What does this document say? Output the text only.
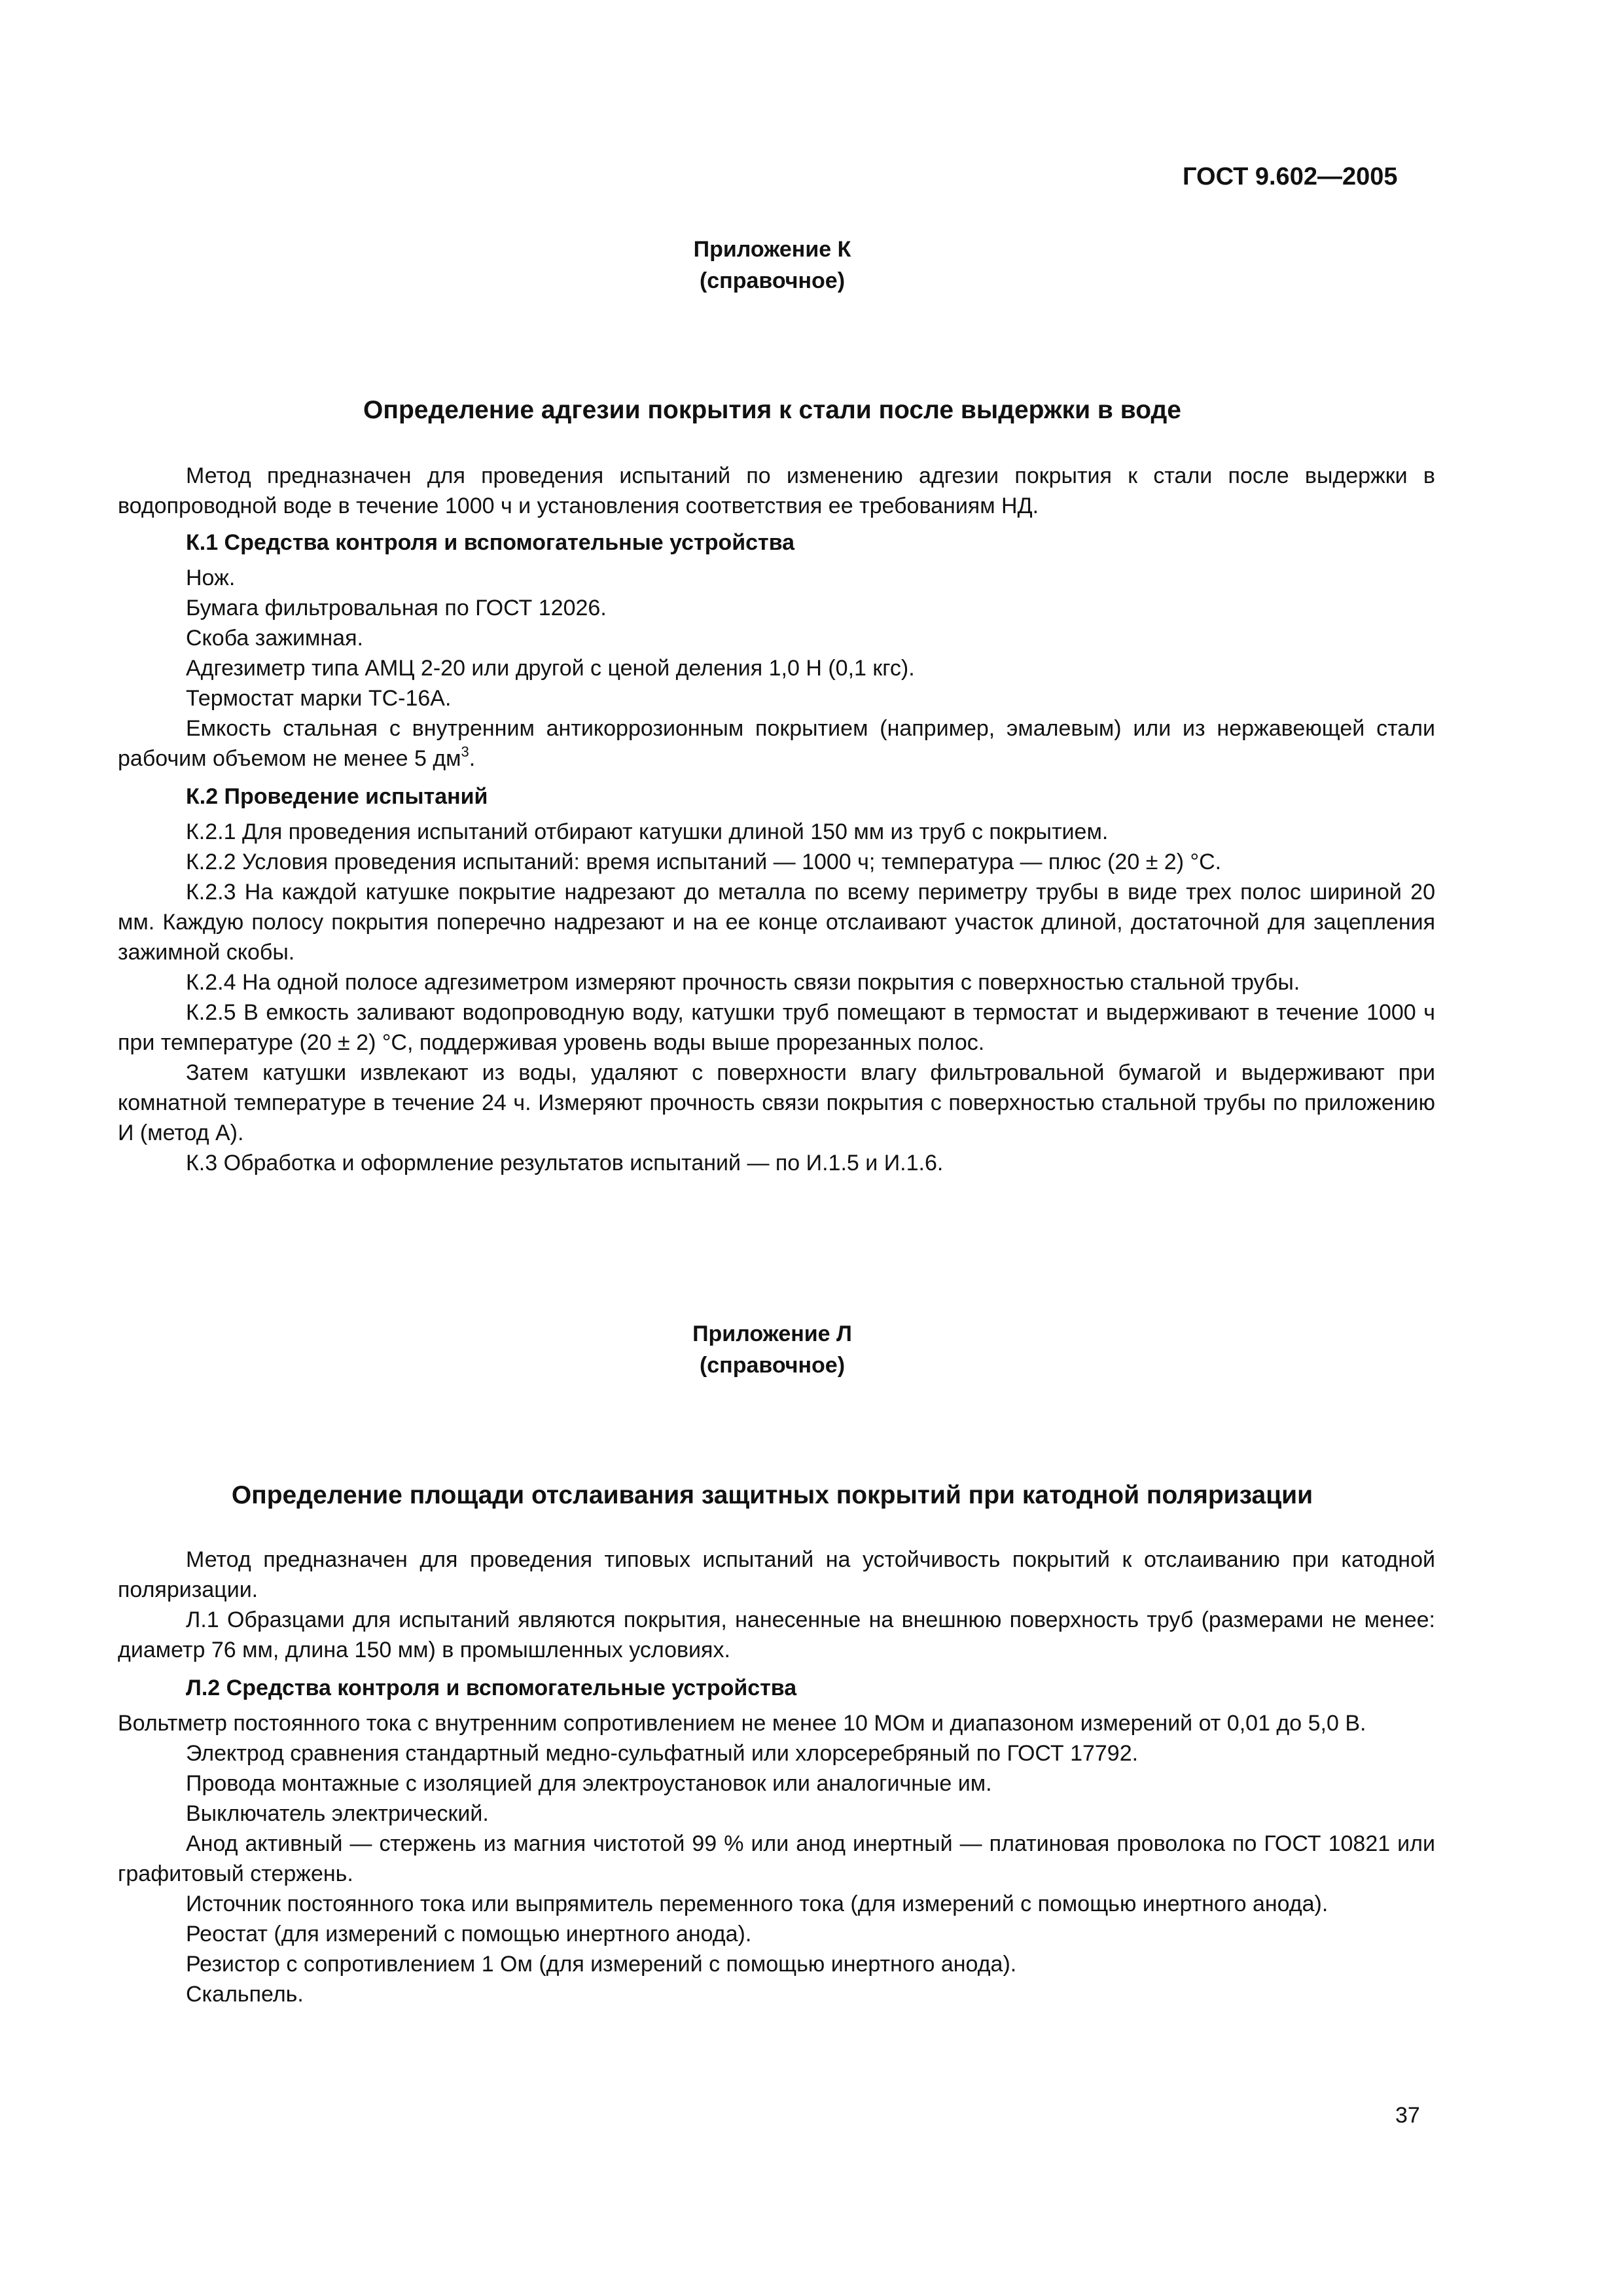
ГОСТ 9.602—2005
Приложение К
(справочное)
Определение адгезии покрытия к стали после выдержки в воде

Метод предназначен для проведения испытаний по изменению адгезии покрытия к стали после выдержки в водопроводной воде в течение 1000 ч и установления соответствия ее требованиям НД.

К.1 Средства контроля и вспомогательные устройства

Нож.

Бумага фильтровальная по ГОСТ 12026.

Скоба зажимная.

Адгезиметр типа АМЦ 2-20 или другой с ценой деления 1,0 Н (0,1 кгс).

Термостат марки ТС-16А.

Емкость стальная с внутренним антикоррозионным покрытием (например, эмалевым) или из нержавеющей стали рабочим объемом не менее 5 $дм^3$.

К.2 Проведение испытаний

К.2.1 Для проведения испытаний отбирают катушки длиной 150 мм из труб с покрытием.

К.2.2 Условия проведения испытаний: время испытаний — 1000 ч; температура — плюс (20 ± 2) °С.

К.2.3 На каждой катушке покрытие надрезают до металла по всему периметру трубы в виде трех полос шириной 20 мм. Каждую полосу покрытия поперечно надрезают и на ее конце отслаивают участок длиной, достаточной для зацепления зажимной скобы.

К.2.4 На одной полосе адгезиметром измеряют прочность связи покрытия с поверхностью стальной трубы.

К.2.5 В емкость заливают водопроводную воду, катушки труб помещают в термостат и выдерживают в течение 1000 ч при температуре (20 ± 2) °С, поддерживая уровень воды выше прорезанных полос.

Затем катушки извлекают из воды, удаляют с поверхности влагу фильтровальной бумагой и выдерживают при комнатной температуре в течение 24 ч. Измеряют прочность связи покрытия с поверхностью стальной трубы по приложению И (метод А).

К.3 Обработка и оформление результатов испытаний — по И.1.5 и И.1.6.

Приложение Л
(справочное)
Определение площади отслаивания защитных покрытий при катодной поляризации

Метод предназначен для проведения типовых испытаний на устойчивость покрытий к отслаиванию при катодной поляризации.

Л.1 Образцами для испытаний являются покрытия, нанесенные на внешнюю поверхность труб (размерами не менее: диаметр 76 мм, длина 150 мм) в промышленных условиях.

Л.2 Средства контроля и вспомогательные устройства

Вольтметр постоянного тока с внутренним сопротивлением не менее 10 МОм и диапазоном измерений от 0,01 до 5,0 В.

Электрод сравнения стандартный медно-сульфатный или хлорсеребряный по ГОСТ 17792.

Провода монтажные с изоляцией для электроустановок или аналогичные им.

Выключатель электрический.

Анод активный — стержень из магния чистотой 99 % или анод инертный — платиновая проволока по ГОСТ 10821 или графитовый стержень.

Источник постоянного тока или выпрямитель переменного тока (для измерений с помощью инертного анода).

Реостат (для измерений с помощью инертного анода).

Резистор с сопротивлением 1 Ом (для измерений с помощью инертного анода).

Скальпель.

37
